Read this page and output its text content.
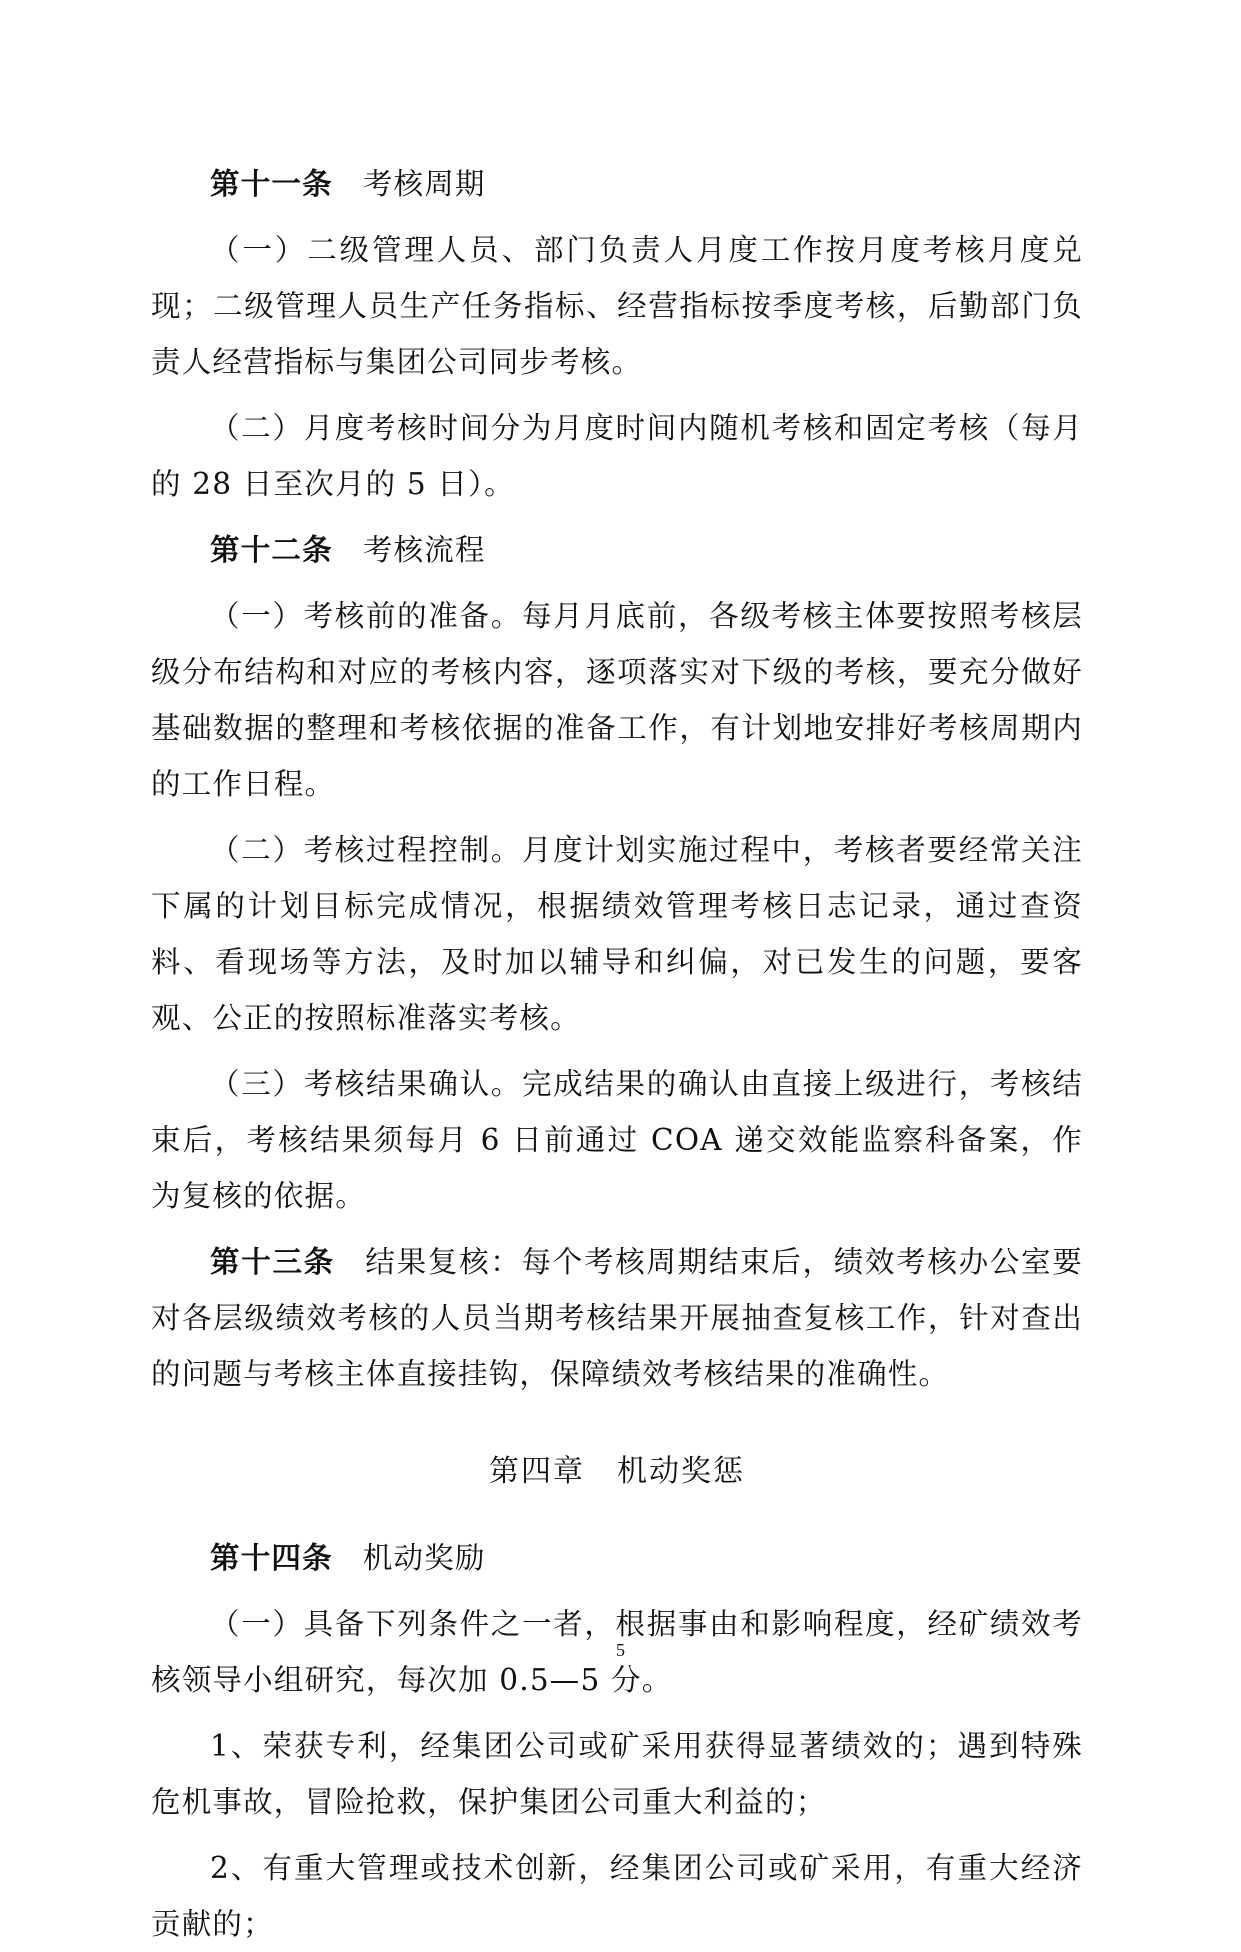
第十一条 考核周期

（一）二级管理人员、部门负责人月度工作按月度考核月度兑现；二级管理人员生产任务指标、经营指标按季度考核，后勤部门负责人经营指标与集团公司同步考核。

（二）月度考核时间分为月度时间内随机考核和固定考核（每月的 28 日至次月的 5 日）。

第十二条 考核流程

（一）考核前的准备。每月月底前，各级考核主体要按照考核层级分布结构和对应的考核内容，逐项落实对下级的考核，要充分做好基础数据的整理和考核依据的准备工作，有计划地安排好考核周期内的工作日程。

（二）考核过程控制。月度计划实施过程中，考核者要经常关注下属的计划目标完成情况，根据绩效管理考核日志记录，通过查资料、看现场等方法，及时加以辅导和纠偏，对已发生的问题，要客观、公正的按照标准落实考核。

（三）考核结果确认。完成结果的确认由直接上级进行，考核结束后，考核结果须每月 6 日前通过 COA 递交效能监察科备案，作为复核的依据。

第十三条 结果复核：每个考核周期结束后，绩效考核办公室要对各层级绩效考核的人员当期考核结果开展抽查复核工作，针对查出的问题与考核主体直接挂钩，保障绩效考核结果的准确性。

第四章　机动奖惩

第十四条 机动奖励

（一）具备下列条件之一者，根据事由和影响程度，经矿绩效考核领导小组研究，每次加 0.5—5 分。

1、荣获专利，经集团公司或矿采用获得显著绩效的；遇到特殊危机事故，冒险抢救，保护集团公司重大利益的；

2、有重大管理或技术创新，经集团公司或矿采用，有重大经济贡献的；

5
